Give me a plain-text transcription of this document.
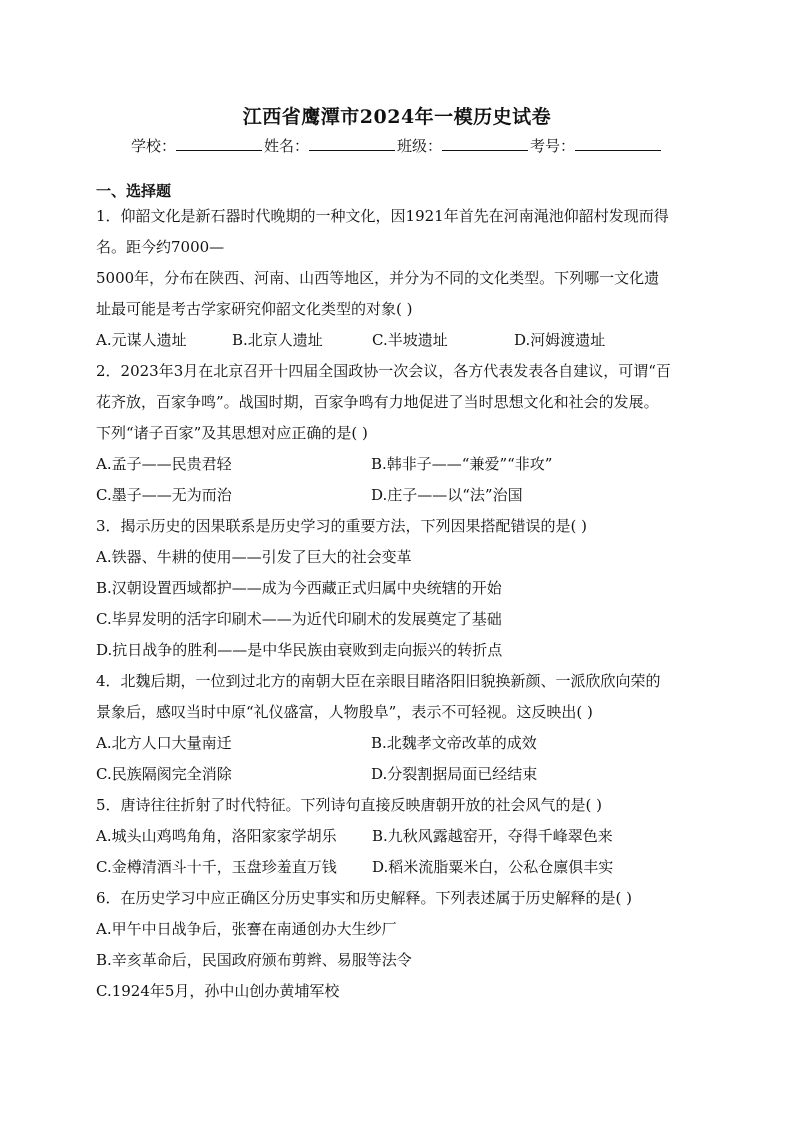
江西省鹰潭市2024年一模历史试卷
学校：	姓名：	班级：	考号：
一、选择题
1．仰韶文化是新石器时代晚期的一种文化，因1921年首先在河南渑池仰韶村发现而得
名。距今约7000—
5000年，分布在陕西、河南、山西等地区，并分为不同的文化类型。下列哪一文化遗
址最可能是考古学家研究仰韶文化类型的对象( )
A.元谋人遗址	B.北京人遗址	C.半坡遗址	D.河姆渡遗址
2．2023年3月在北京召开十四届全国政协一次会议，各方代表发表各自建议，可谓“百
花齐放，百家争鸣”。战国时期，百家争鸣有力地促进了当时思想文化和社会的发展。
下列“诸子百家”及其思想对应正确的是( )
A.孟子——民贵君轻	B.韩非子——“兼爱”“非攻”
C.墨子——无为而治	D.庄子——以“法”治国
3．揭示历史的因果联系是历史学习的重要方法，下列因果搭配错误的是( )
A.铁器、牛耕的使用——引发了巨大的社会变革
B.汉朝设置西域都护——成为今西藏正式归属中央统辖的开始
C.毕昇发明的活字印刷术——为近代印刷术的发展奠定了基础
D.抗日战争的胜利——是中华民族由衰败到走向振兴的转折点
4．北魏后期，一位到过北方的南朝大臣在亲眼目睹洛阳旧貌换新颜、一派欣欣向荣的
景象后，感叹当时中原“礼仪盛富，人物殷阜”，表示不可轻视。这反映出( )
A.北方人口大量南迁	B.北魏孝文帝改革的成效
C.民族隔阂完全消除	D.分裂割据局面已经结束
5．唐诗往往折射了时代特征。下列诗句直接反映唐朝开放的社会风气的是( )
A.城头山鸡鸣角角，洛阳家家学胡乐	B.九秋风露越窑开，夺得千峰翠色来
C.金樽清酒斗十千，玉盘珍羞直万钱	D.稻米流脂粟米白，公私仓廪俱丰实
6．在历史学习中应正确区分历史事实和历史解释。下列表述属于历史解释的是( )
A.甲午中日战争后，张謇在南通创办大生纱厂
B.辛亥革命后，民国政府颁布剪辫、易服等法令
C.1924年5月，孙中山创办黄埔军校
